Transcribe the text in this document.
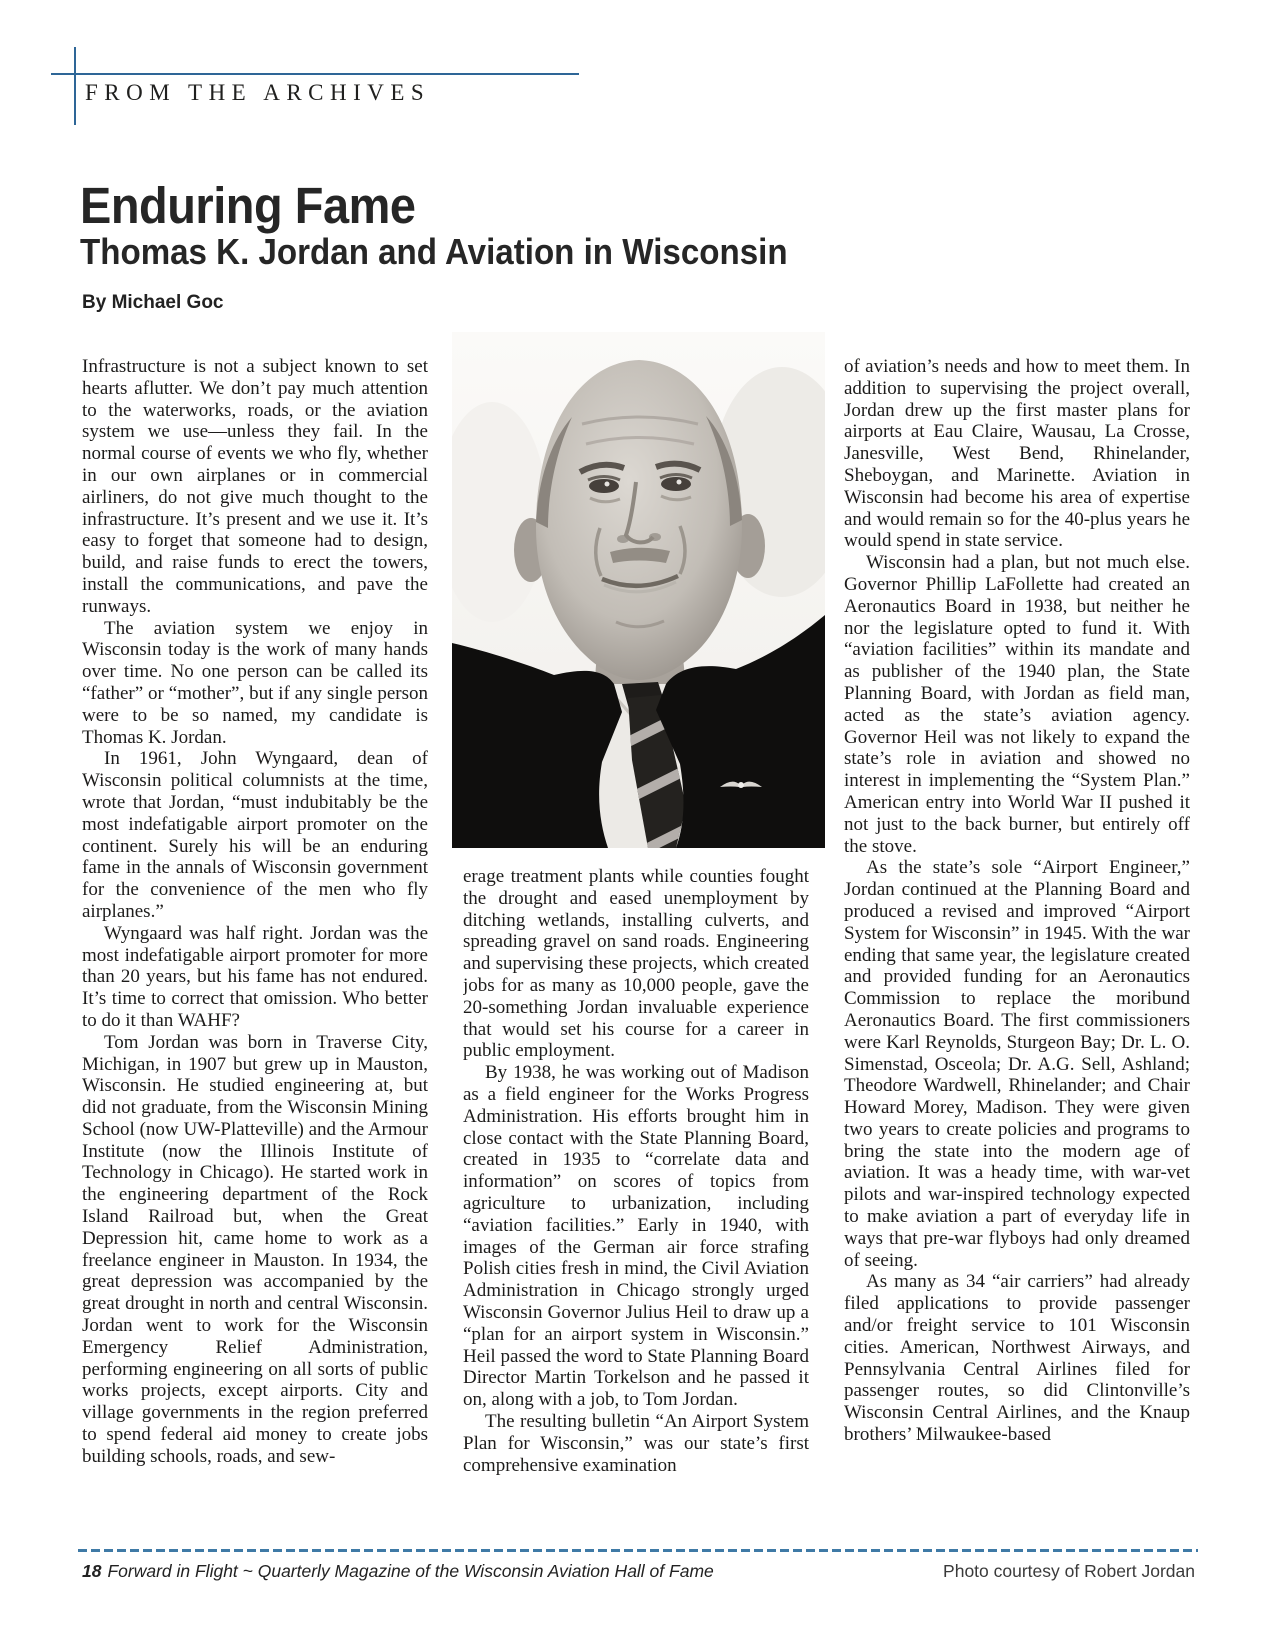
FROM THE ARCHIVES
Enduring Fame
Thomas K. Jordan and Aviation in Wisconsin
By Michael Goc

Infrastructure is not a subject known to set hearts aflutter. We don’t pay much attention to the waterworks, roads, or the aviation system we use—unless they fail. In the normal course of events we who fly, whether in our own airplanes or in commercial airliners, do not give much thought to the infrastructure. It’s present and we use it. It’s easy to forget that someone had to design, build, and raise funds to erect the towers, install the communications, and pave the runways.

The aviation system we enjoy in Wisconsin today is the work of many hands over time. No one person can be called its “father” or “mother”, but if any single person were to be so named, my candidate is Thomas K. Jordan.

In 1961, John Wyngaard, dean of Wisconsin political columnists at the time, wrote that Jordan, “must indubitably be the most indefatigable airport promoter on the continent. Surely his will be an enduring fame in the annals of Wisconsin government for the convenience of the men who fly airplanes.”

Wyngaard was half right. Jordan was the most indefatigable airport promoter for more than 20 years, but his fame has not endured. It’s time to correct that omission. Who better to do it than WAHF?

Tom Jordan was born in Traverse City, Michigan, in 1907 but grew up in Mauston, Wisconsin. He studied engineering at, but did not graduate, from the Wisconsin Mining School (now UW-Platteville) and the Armour Institute (now the Illinois Institute of Technology in Chicago). He started work in the engineering department of the Rock Island Railroad but, when the Great Depression hit, came home to work as a freelance engineer in Mauston. In 1934, the great depression was accompanied by the great drought in north and central Wisconsin. Jordan went to work for the Wisconsin Emergency Relief Administration, performing engineering on all sorts of public works projects, except airports. City and village governments in the region preferred to spend federal aid money to create jobs building schools, roads, and sew-

erage treatment plants while counties fought the drought and eased unemployment by ditching wetlands, installing culverts, and spreading gravel on sand roads. Engineering and supervising these projects, which created jobs for as many as 10,000 people, gave the 20-something Jordan invaluable experience that would set his course for a career in public employment.

By 1938, he was working out of Madison as a field engineer for the Works Progress Administration. His efforts brought him in close contact with the State Planning Board, created in 1935 to “correlate data and information” on scores of topics from agriculture to urbanization, including “aviation facilities.” Early in 1940, with images of the German air force strafing Polish cities fresh in mind, the Civil Aviation Administration in Chicago strongly urged Wisconsin Governor Julius Heil to draw up a “plan for an airport system in Wisconsin.” Heil passed the word to State Planning Board Director Martin Torkelson and he passed it on, along with a job, to Tom Jordan.

The resulting bulletin “An Airport System Plan for Wisconsin,” was our state’s first comprehensive examination

of aviation’s needs and how to meet them. In addition to supervising the project overall, Jordan drew up the first master plans for airports at Eau Claire, Wausau, La Crosse, Janesville, West Bend, Rhinelander, Sheboygan, and Marinette. Aviation in Wisconsin had become his area of expertise and would remain so for the 40-plus years he would spend in state service.

Wisconsin had a plan, but not much else. Governor Phillip LaFollette had created an Aeronautics Board in 1938, but neither he nor the legislature opted to fund it. With “aviation facilities” within its mandate and as publisher of the 1940 plan, the State Planning Board, with Jordan as field man, acted as the state’s aviation agency. Governor Heil was not likely to expand the state’s role in aviation and showed no interest in implementing the “System Plan.” American entry into World War II pushed it not just to the back burner, but entirely off the stove.

As the state’s sole “Airport Engineer,” Jordan continued at the Planning Board and produced a revised and improved “Airport System for Wisconsin” in 1945. With the war ending that same year, the legislature created and provided funding for an Aeronautics Commission to replace the moribund Aeronautics Board. The first commissioners were Karl Reynolds, Sturgeon Bay; Dr. L. O. Simenstad, Osceola; Dr. A.G. Sell, Ashland; Theodore Wardwell, Rhinelander; and Chair Howard Morey, Madison. They were given two years to create policies and programs to bring the state into the modern age of aviation. It was a heady time, with war-vet pilots and war-inspired technology expected to make aviation a part of everyday life in ways that pre-war flyboys had only dreamed of seeing.

As many as 34 “air carriers” had already filed applications to provide passenger and/or freight service to 101 Wisconsin cities. American, Northwest Airways, and Pennsylvania Central Airlines filed for passenger routes, so did Clintonville’s Wisconsin Central Airlines, and the Knaup brothers’ Milwaukee-based

18 Forward in Flight ~ Quarterly Magazine of the Wisconsin Aviation Hall of Fame	Photo courtesy of Robert Jordan
